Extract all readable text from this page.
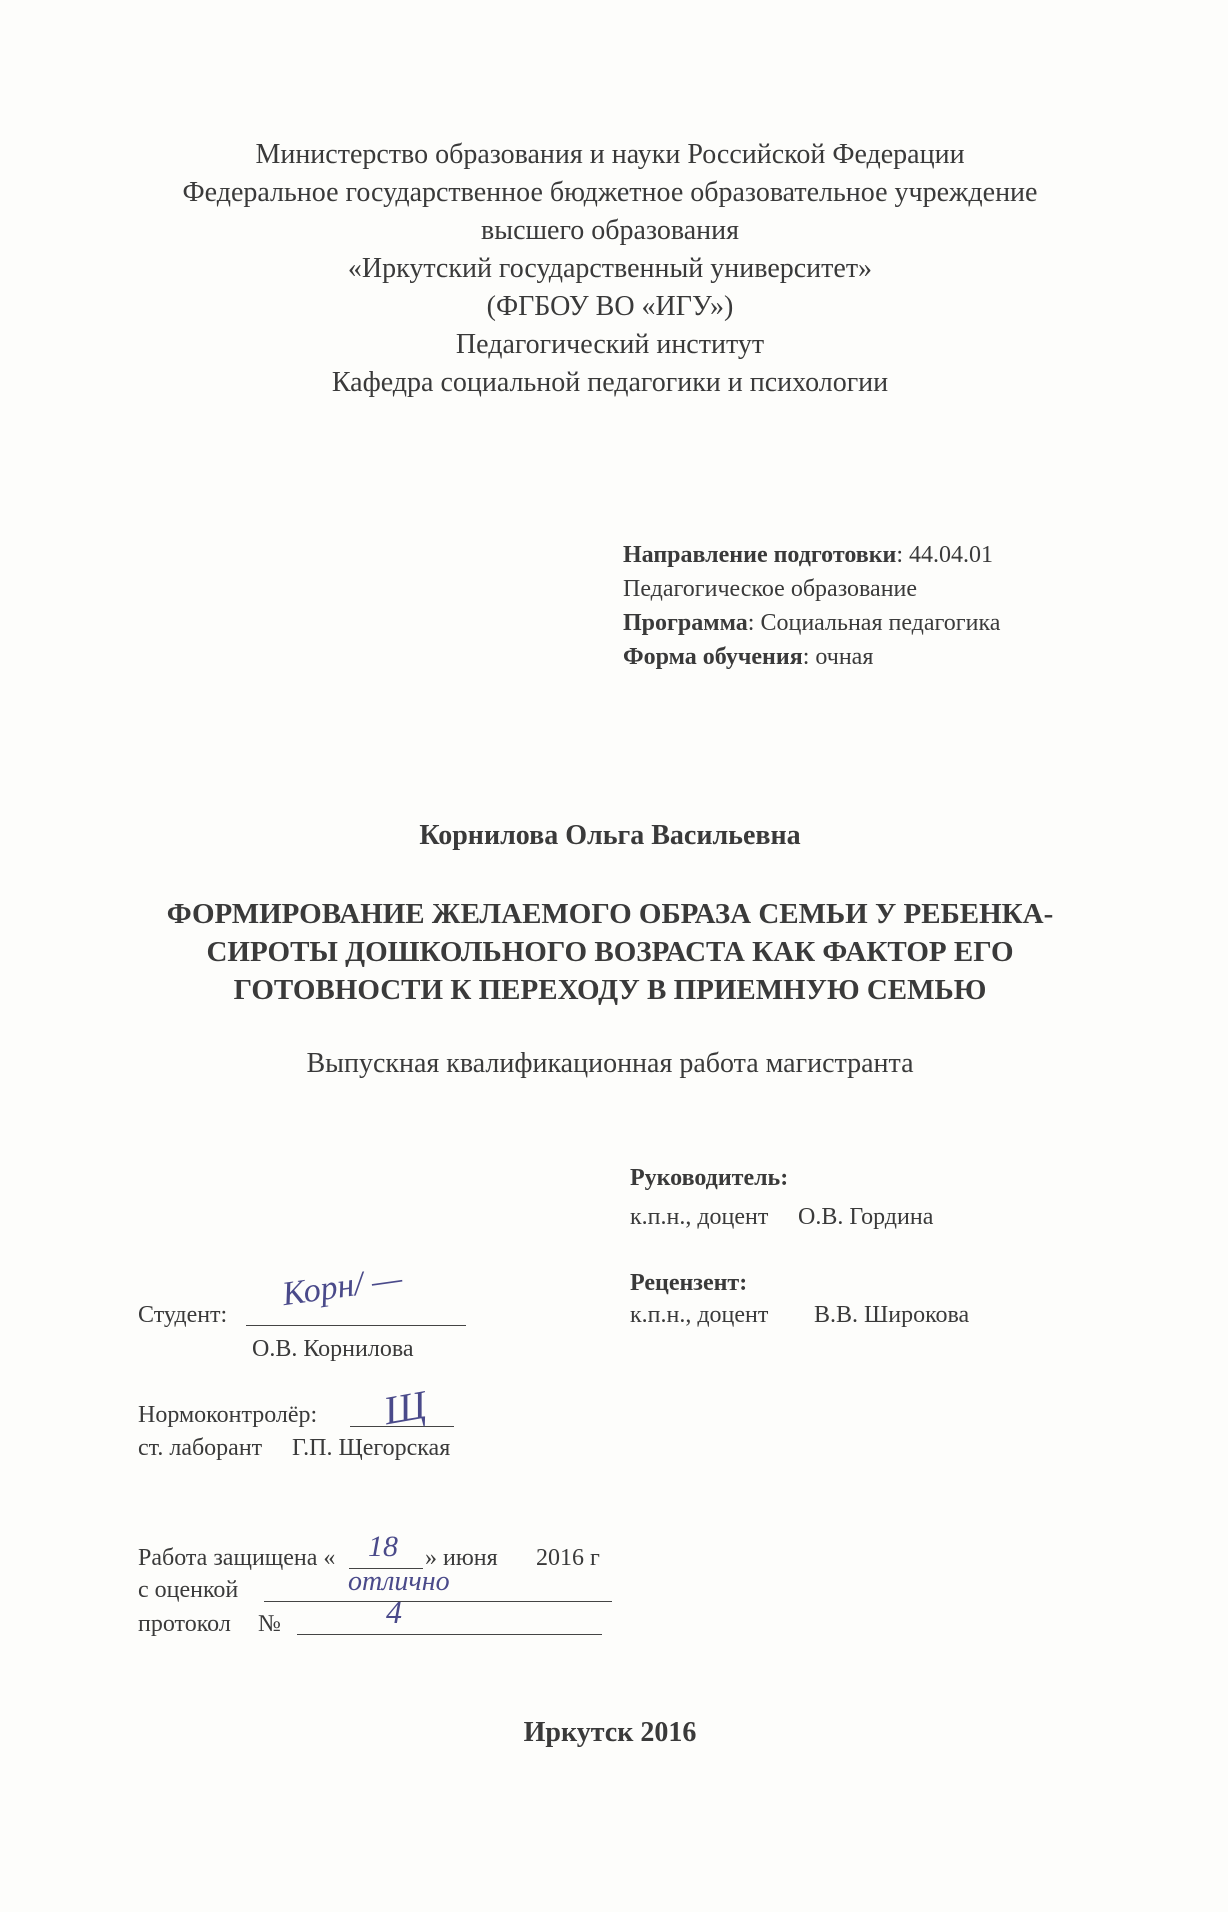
Министерство образования и науки Российской Федерации
Федеральное государственное бюджетное образовательное учреждение
высшего образования
«Иркутский государственный университет»
(ФГБОУ ВО «ИГУ»)
Педагогический институт
Кафедра социальной педагогики и психологии
Направление подготовки: 44.04.01
Педагогическое образование
Программа: Социальная педагогика
Форма обучения: очная
Корнилова Ольга Васильевна
ФОРМИРОВАНИЕ ЖЕЛАЕМОГО ОБРАЗА СЕМЬИ У РЕБЕНКА-
СИРОТЫ ДОШКОЛЬНОГО ВОЗРАСТА КАК ФАКТОР ЕГО
ГОТОВНОСТИ К ПЕРЕХОДУ В ПРИЕМНУЮ СЕМЬЮ
Выпускная квалификационная работа магистранта
Руководитель:
к.п.н., доцент О.В. Гордина
Рецензент:
к.п.н., доцент В.В. Широкова
Студент:
Корн/ —
О.В. Корнилова
Нормоконтролёр: Щ
ст. лаборант Г.П. Щегорская
Работа защищена « 18 » июня 2016 г
с оценкой	отлично
протокол №	4
Иркутск 2016
